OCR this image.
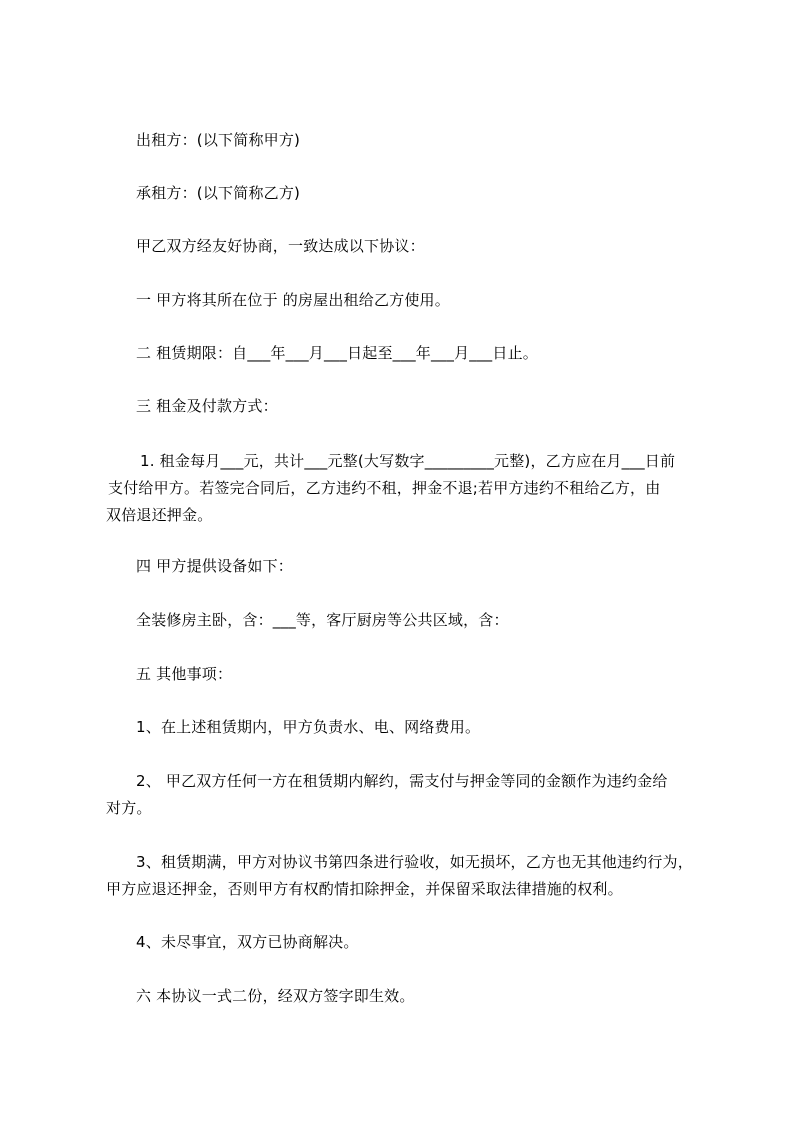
出租方：(以下简称甲方)
承租方：(以下简称乙方)
甲乙双方经友好协商，一致达成以下协议：
一 甲方将其所在位于 的房屋出租给乙方使用。
二 租赁期限：自___年___月___日起至___年___月___日止。
三 租金及付款方式：
1. 租金每月___元，共计___元整(大写数字_________元整)，乙方应在月___日前
支付给甲方。若签完合同后，乙方违约不租，押金不退;若甲方违约不租给乙方，由
双倍退还押金。
四 甲方提供设备如下：
全装修房主卧，含：___等，客厅厨房等公共区域，含：
五 其他事项：
1、在上述租赁期内，甲方负责水、电、网络费用。
2、 甲乙双方任何一方在租赁期内解约，需支付与押金等同的金额作为违约金给
对方。
3、租赁期满，甲方对协议书第四条进行验收，如无损坏，乙方也无其他违约行为，
甲方应退还押金，否则甲方有权酌情扣除押金，并保留采取法律措施的权利。
4、未尽事宜，双方已协商解决。
六 本协议一式二份，经双方签字即生效。
